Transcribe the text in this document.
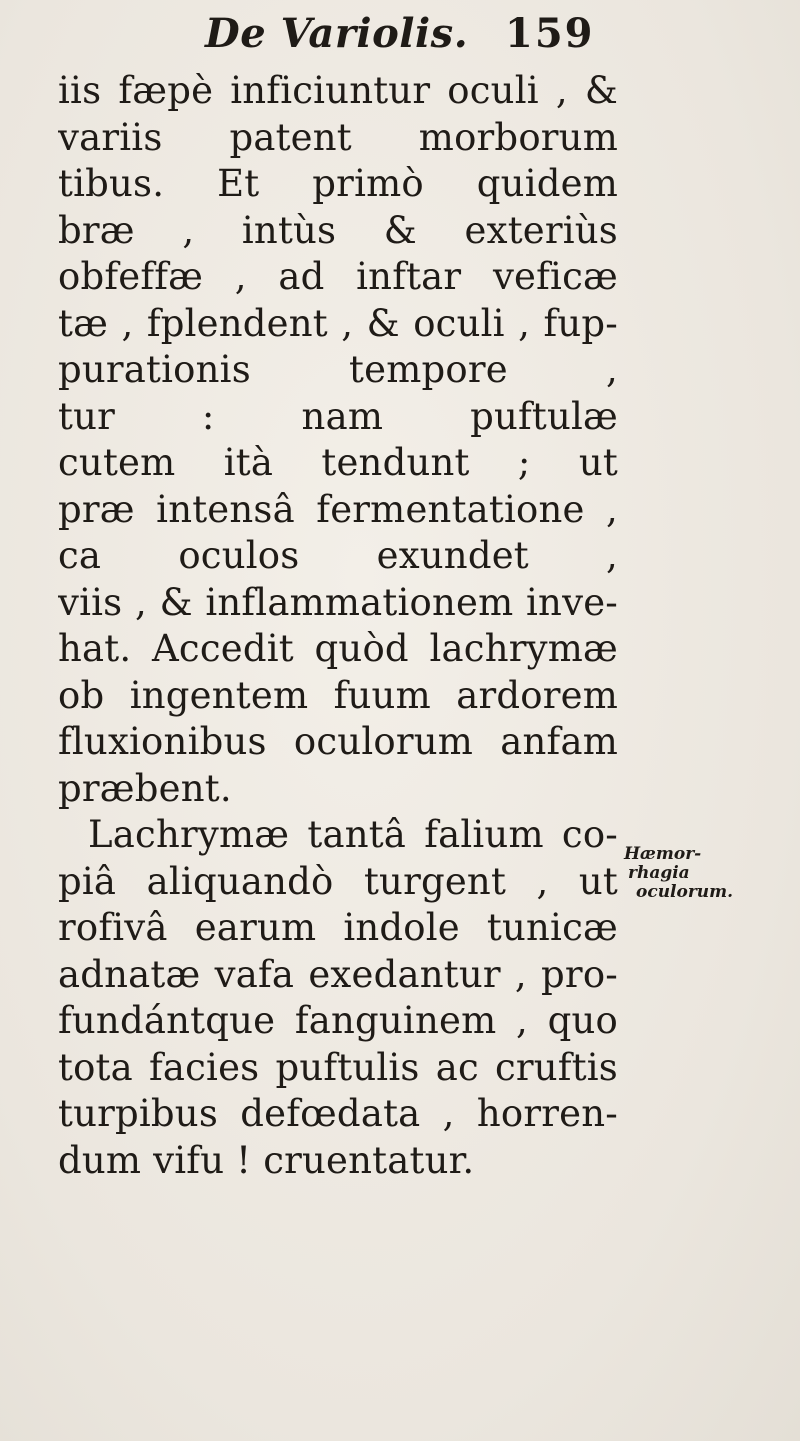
De Variolis. 159
iis fæpè inficiuntur oculi , &
variis patent morborum
tibus. Et primò quidem
bræ , intùs & exteriùs
obfeffæ , ad inftar veficæ
tæ , fplendent , & oculi , fup-
purationis tempore ,
tur : nam puftulæ
cutem ità tendunt ; ut
præ intensâ fermentatione ,
ca oculos exundet ,
viis , & inflammationem inve-
hat. Accedit quòd lachrymæ
ob ingentem fuum ardorem
fluxionibus oculorum anfam
præbent.
Lachrymæ tantâ falium co-
piâ aliquandò turgent , ut
rofivâ earum indole tunicæ
adnatæ vafa exedantur , pro-
fundántque fanguinem , quo
tota facies puftulis ac cruftis
turpibus defœdata , horren-
dum vifu ! cruentatur.
Hæmor-
rhagia
oculorum.
